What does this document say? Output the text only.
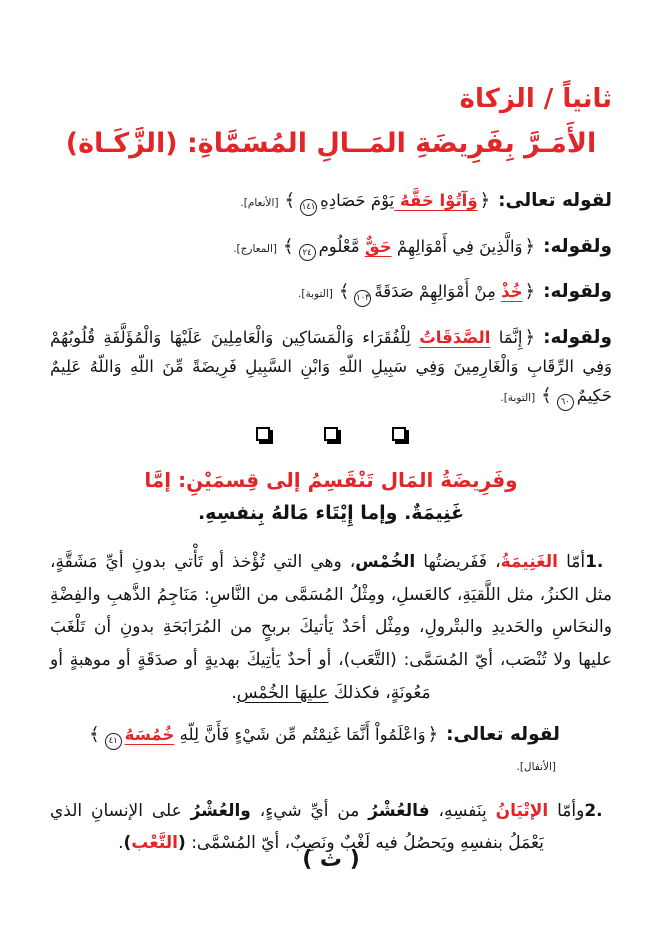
ثانياً / الزكاة
الأَمَـرَّ بِفَرِيضَةِ المَــالِ المُسَمَّاةِ: (الزَّكَـاة)
لقوله تعالى:﴿وَآتُوْا حَقَّهُ يَوْمَ حَصَادِهِ١٤١﴾[الأنعام].
ولقوله:﴿وَالَّذِينَ فِي أَمْوَالِهِمْ حَقٌّ مَّعْلُوم٢٤﴾[المعارج].
ولقوله:﴿خُذْ مِنْ أَمْوَالِهِمْ صَدَقَةً١٠٣﴾[التوبة].
ولقوله:﴿إِنَّمَا الصَّدَقَاتُ لِلْفُقَرَاء وَالْمَسَاكِين وَالْعَامِلِينَ عَلَيْهَا وَالْمُؤَلَّفَةِ قُلُوبُهُمْ وَفِي الرِّقَابِ وَالْغَارِمِينَ وَفِي سَبِيلِ اللّهِ وَابْنِ السَّبِيلِ فَرِيضَةً مِّنَ اللّهِ وَاللّهُ عَلِيمٌ حَكِيمٌ٦٠﴾[التوبة].
وفَرِيضَةُ المَال تَنْقَسِمُ إلى قِسمَيْنِ: إمَّا
غَنِيمَةٌ. وإما إِيْتَاء مَالهُ بِنفسِهِ.

1. أمّا الغَنِيمَةُ، فَفَريضتُها الخُمْس، وهي التي تُؤْخذ أو تَأْتي بدونِ أيِّ مَشَقَّةٍ، مثل الكنزُ، مثل اللَّقيَةِ، كالعَسلِ، ومِثْلُ المُسَمَّى من النَّاسِ: مَنَاجِمُ الذَّهبِ والفِضْةِ والنحَاسِ والحَديدِ والبتْرولِ، ومِثْل أحَدٌ يَأتيكَ بربحٍ من المُرَابَحَةِ بدونِ أن تَلْغَبَ عليها ولا تُنْصَب، أيّ المُسَمَّى: (التَّعَب)، أو أحدٌ يَأتِيكَ بهديةٍ أو صدَقَةٍ أو موهبةٍ أو مَعُونَةٍ، فكذلكَ عليهَا الخُمْس.

لقوله تعالى:﴿وَاعْلَمُواْ أَنَّمَا غَنِمْتُم مِّن شَيْءٍ فَأَنَّ لِلّهِ خُمُسَهُ٤١﴾[الأنفال].

2. وأمّا الإتْيَانُ بِنَفسِهِ، فالعُشْرُ من أيِّ شيءٍ، والعُشْرُ على الإنسانِ الذي يَعْمَلُ بنفسِهِ ويَحصُلُ فيه لَغْبٌ ونَصِبٌ، أيّ المُسْمَّى: (التَّعْب).

( ث )
